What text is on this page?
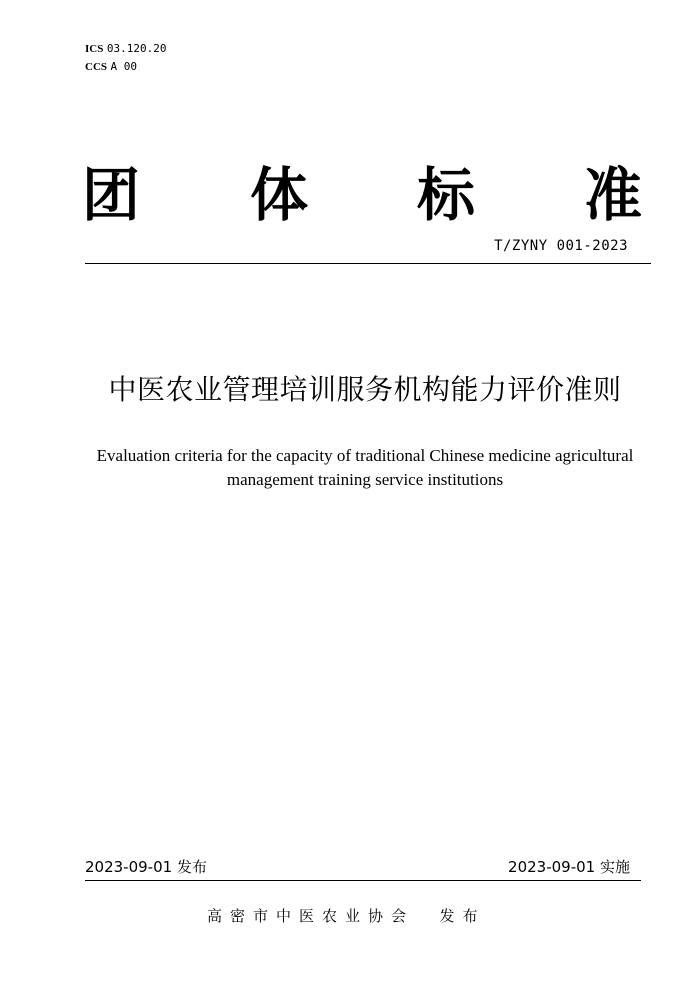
ICS 03.120.20
CCS A 00
团 体 标 准
T/ZYNY 001-2023
中医农业管理培训服务机构能力评价准则
Evaluation criteria for the capacity of traditional Chinese medicine agricultural
management training service institutions
2023-09-01 发布	2023-09-01 实施
高密市中医农业协会  发布
